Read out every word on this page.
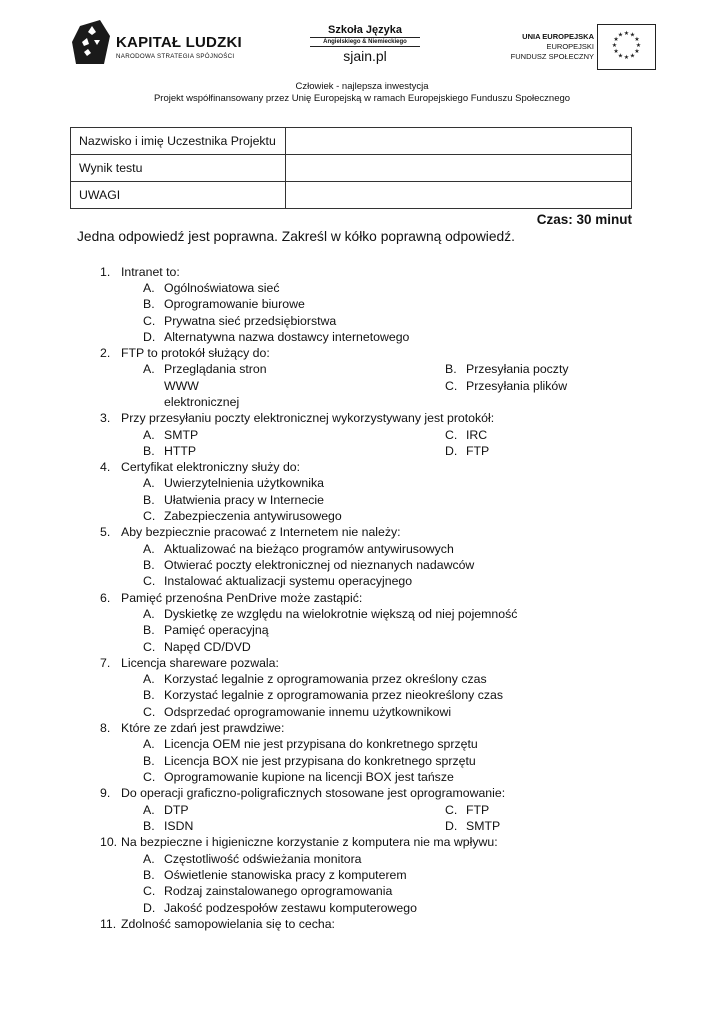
KAPITAŁ LUDZKI
NARODOWA STRATEGIA SPÓJNOŚCI
Szkoła Języka
Angielskiego & Niemieckiego
sjain.pl
UNIA EUROPEJSKA
EUROPEJSKI
FUNDUSZ SPOŁECZNY
★ ★
★
★
★
★
★
★
★
★
★
★
Człowiek - najlepsza inwestycja
Projekt współfinansowany przez Unię Europejską w ramach Europejskiego Funduszu Społecznego
Nazwisko i imię Uczestnika Projektu	
Wynik testu	
UWAGI	
Czas: 30 minut
Jedna odpowiedź jest poprawna. Zakreśl w kółko poprawną odpowiedź.
1. Intranet to:
A. Ogólnoświatowa sieć
B. Oprogramowanie biurowe
C. Prywatna sieć przedsiębiorstwa
D. Alternatywna nazwa dostawcy internetowego
2. FTP to protokół służący do:
A. Przeglądania stron
WWW
elektronicznej
B. Przesyłania poczty
C. Przesyłania plików
3. Przy przesyłaniu poczty elektronicznej wykorzystywany jest protokół:
A. SMTP
B. HTTP
C. IRC
D. FTP
4. Certyfikat elektroniczny służy do:
A. Uwierzytelnienia użytkownika
B. Ułatwienia pracy w Internecie
C. Zabezpieczenia antywirusowego
5. Aby bezpiecznie pracować z Internetem nie należy:
A. Aktualizować na bieżąco programów antywirusowych
B. Otwierać poczty elektronicznej od nieznanych nadawców
C. Instalować aktualizacji systemu operacyjnego
6. Pamięć przenośna PenDrive może zastąpić:
A. Dyskietkę ze względu na wielokrotnie większą od niej pojemność
B. Pamięć operacyjną
C. Napęd CD/DVD
7. Licencja shareware pozwala:
A. Korzystać legalnie z oprogramowania przez określony czas
B. Korzystać legalnie z oprogramowania przez nieokreślony czas
C. Odsprzedać oprogramowanie innemu użytkownikowi
8. Które ze zdań jest prawdziwe:
A. Licencja OEM nie jest przypisana do konkretnego sprzętu
B. Licencja BOX nie jest przypisana do konkretnego sprzętu
C. Oprogramowanie kupione na licencji BOX jest tańsze
9. Do operacji graficzno-poligraficznych stosowane jest oprogramowanie:
A. DTP
B. ISDN
C. FTP
D. SMTP
10. Na bezpieczne i higieniczne korzystanie z komputera nie ma wpływu:
A. Częstotliwość odświeżania monitora
B. Oświetlenie stanowiska pracy z komputerem
C. Rodzaj zainstalowanego oprogramowania
D. Jakość podzespołów zestawu komputerowego
11. Zdolność samopowielania się to cecha:
